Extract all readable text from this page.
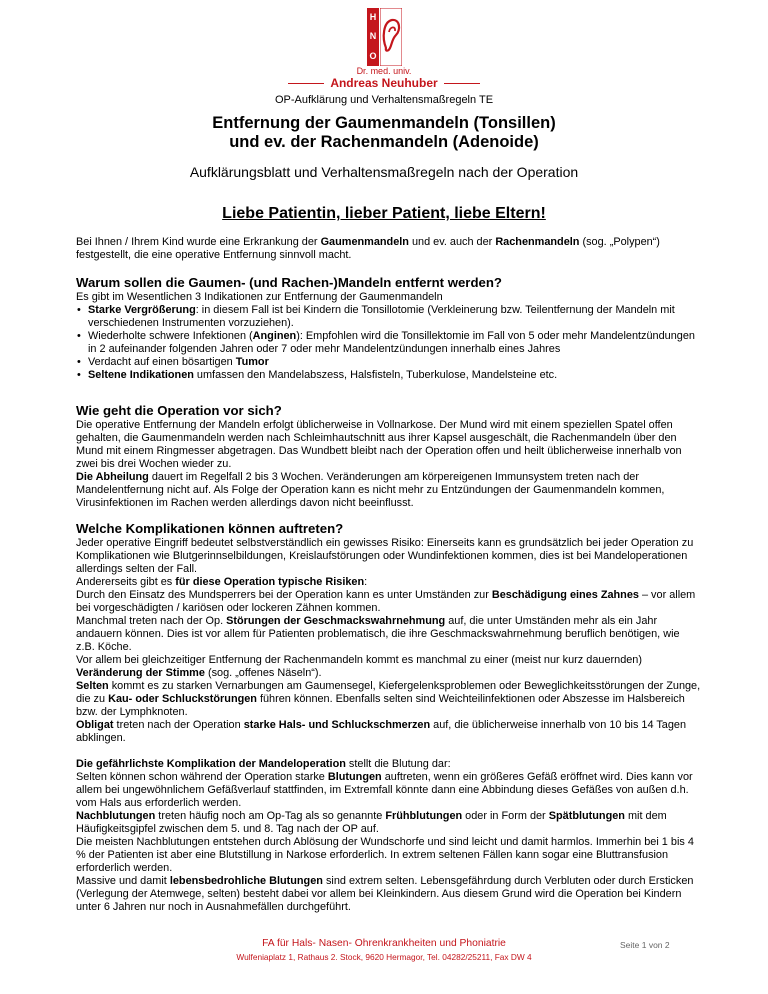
H
N
O
Dr. med. univ.
Andreas Neuhuber
OP-Aufklärung und Verhaltensmaßregeln TE
Entfernung der Gaumenmandeln (Tonsillen)
und ev. der Rachenmandeln (Adenoide)
Aufklärungsblatt und Verhaltensmaßregeln nach der Operation
Liebe Patientin, lieber Patient, liebe Eltern!

Bei Ihnen / Ihrem Kind wurde eine Erkrankung der Gaumenmandeln und ev. auch der Rachenmandeln (sog. „Polypen“) festgestellt, die eine operative Entfernung sinnvoll macht.

Warum sollen die Gaumen- (und Rachen-)Mandeln entfernt werden?

Es gibt im Wesentlichen 3 Indikationen zur Entfernung der Gaumenmandeln

• Starke Vergrößerung: in diesem Fall ist bei Kindern die Tonsillotomie (Verkleinerung bzw. Teilentfernung der Mandeln mit verschiedenen Instrumenten vorzuziehen).
• Wiederholte schwere Infektionen (Anginen): Empfohlen wird die Tonsillektomie im Fall von 5 oder mehr Mandelentzündungen in 2 aufeinander folgenden Jahren oder 7 oder mehr Mandelentzündungen innerhalb eines Jahres
• Verdacht auf einen bösartigen Tumor
• Seltene Indikationen umfassen den Mandelabszess, Halsfisteln, Tuberkulose, Mandelsteine etc.
Wie geht die Operation vor sich?

Die operative Entfernung der Mandeln erfolgt üblicherweise in Vollnarkose. Der Mund wird mit einem speziellen Spatel offen gehalten, die Gaumenmandeln werden nach Schleimhautschnitt aus ihrer Kapsel ausgeschält, die Rachenmandeln über den Mund mit einem Ringmesser abgetragen. Das Wundbett bleibt nach der Operation offen und heilt üblicherweise innerhalb von zwei bis drei Wochen wieder zu.

Die Abheilung dauert im Regelfall 2 bis 3 Wochen. Veränderungen am körpereigenen Immunsystem treten nach der Mandelentfernung nicht auf. Als Folge der Operation kann es nicht mehr zu Entzündungen der Gaumenmandeln kommen, Virusinfektionen im Rachen werden allerdings davon nicht beeinflusst.

Welche Komplikationen können auftreten?

Jeder operative Eingriff bedeutet selbstverständlich ein gewisses Risiko: Einerseits kann es grundsätzlich bei jeder Operation zu Komplikationen wie Blutgerinnselbildungen, Kreislaufstörungen oder Wundinfektionen kommen, dies ist bei Mandeloperationen allerdings selten der Fall.

Andererseits gibt es für diese Operation typische Risiken:

Durch den Einsatz des Mundsperrers bei der Operation kann es unter Umständen zur Beschädigung eines Zahnes – vor allem bei vorgeschädigten / kariösen oder lockeren Zähnen kommen.

Manchmal treten nach der Op. Störungen der Geschmackswahrnehmung auf, die unter Umständen mehr als ein Jahr andauern können. Dies ist vor allem für Patienten problematisch, die ihre Geschmackswahrnehmung beruflich benötigen, wie z.B. Köche.

Vor allem bei gleichzeitiger Entfernung der Rachenmandeln kommt es manchmal zu einer (meist nur kurz dauernden) Veränderung der Stimme (sog. „offenes Näseln“).

Selten kommt es zu starken Vernarbungen am Gaumensegel, Kiefergelenksproblemen oder Beweglichkeitsstörungen der Zunge, die zu Kau- oder Schluckstörungen führen können. Ebenfalls selten sind Weichteilinfektionen oder Abszesse im Halsbereich bzw. der Lymphknoten.

Obligat treten nach der Operation starke Hals- und Schluckschmerzen auf, die üblicherweise innerhalb von 10 bis 14 Tagen abklingen.

Die gefährlichste Komplikation der Mandeloperation stellt die Blutung dar:

Selten können schon während der Operation starke Blutungen auftreten, wenn ein größeres Gefäß eröffnet wird. Dies kann vor allem bei ungewöhnlichem Gefäßverlauf stattfinden, im Extremfall könnte dann eine Abbindung dieses Gefäßes von außen d.h. vom Hals aus erforderlich werden.

Nachblutungen treten häufig noch am Op-Tag als so genannte Frühblutungen oder in Form der Spätblutungen mit dem Häufigkeitsgipfel zwischen dem 5. und 8. Tag nach der OP auf.

Die meisten Nachblutungen entstehen durch Ablösung der Wundschorfe und sind leicht und damit harmlos. Immerhin bei 1 bis 4 % der Patienten ist aber eine Blutstillung in Narkose erforderlich. In extrem seltenen Fällen kann sogar eine Bluttransfusion erforderlich werden.

Massive und damit lebensbedrohliche Blutungen sind extrem selten. Lebensgefährdung durch Verbluten oder durch Ersticken (Verlegung der Atemwege, selten) besteht dabei vor allem bei Kleinkindern. Aus diesem Grund wird die Operation bei Kindern unter 6 Jahren nur noch in Ausnahmefällen durchgeführt.

FA für Hals- Nasen- Ohrenkrankheiten und Phoniatrie
Wulfeniaplatz 1, Rathaus 2. Stock, 9620 Hermagor, Tel. 04282/25211, Fax DW 4
Seite 1 von 2
